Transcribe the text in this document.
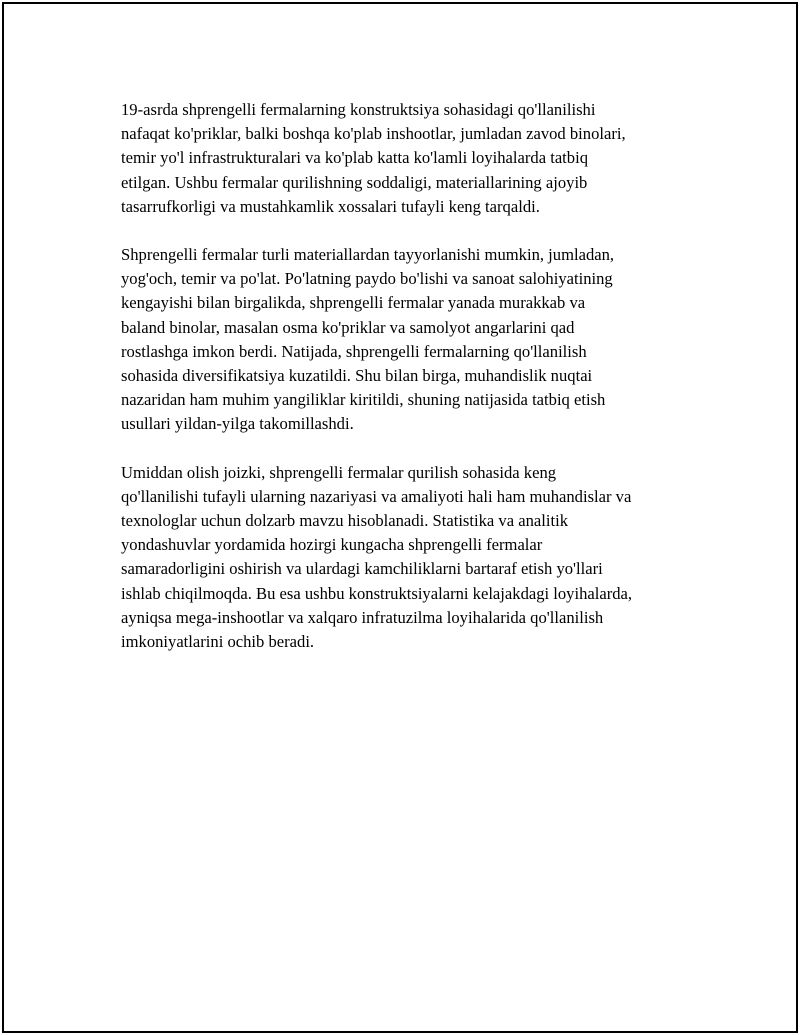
19-asrda shprengelli fermalarning konstruktsiya sohasidagi qo'llanilishi
nafaqat ko'priklar, balki boshqa ko'plab inshootlar, jumladan zavod binolari,
temir yo'l infrastrukturalari va ko'plab katta ko'lamli loyihalarda tatbiq
etilgan. Ushbu fermalar qurilishning soddaligi, materiallarining ajoyib
tasarrufkorligi va mustahkamlik xossalari tufayli keng tarqaldi.

Shprengelli fermalar turli materiallardan tayyorlanishi mumkin, jumladan,
yog'och, temir va po'lat. Po'latning paydo bo'lishi va sanoat salohiyatining
kengayishi bilan birgalikda, shprengelli fermalar yanada murakkab va
baland binolar, masalan osma ko'priklar va samolyot angarlarini qad
rostlashga imkon berdi. Natijada, shprengelli fermalarning qo'llanilish
sohasida diversifikatsiya kuzatildi. Shu bilan birga, muhandislik nuqtai
nazaridan ham muhim yangiliklar kiritildi, shuning natijasida tatbiq etish
usullari yildan-yilga takomillashdi.

Umiddan olish joizki, shprengelli fermalar qurilish sohasida keng
qo'llanilishi tufayli ularning nazariyasi va amaliyoti hali ham muhandislar va
texnologlar uchun dolzarb mavzu hisoblanadi. Statistika va analitik
yondashuvlar yordamida hozirgi kungacha shprengelli fermalar
samaradorligini oshirish va ulardagi kamchiliklarni bartaraf etish yo'llari
ishlab chiqilmoqda. Bu esa ushbu konstruktsiyalarni kelajakdagi loyihalarda,
ayniqsa mega-inshootlar va xalqaro infratuzilma loyihalarida qo'llanilish
imkoniyatlarini ochib beradi.
